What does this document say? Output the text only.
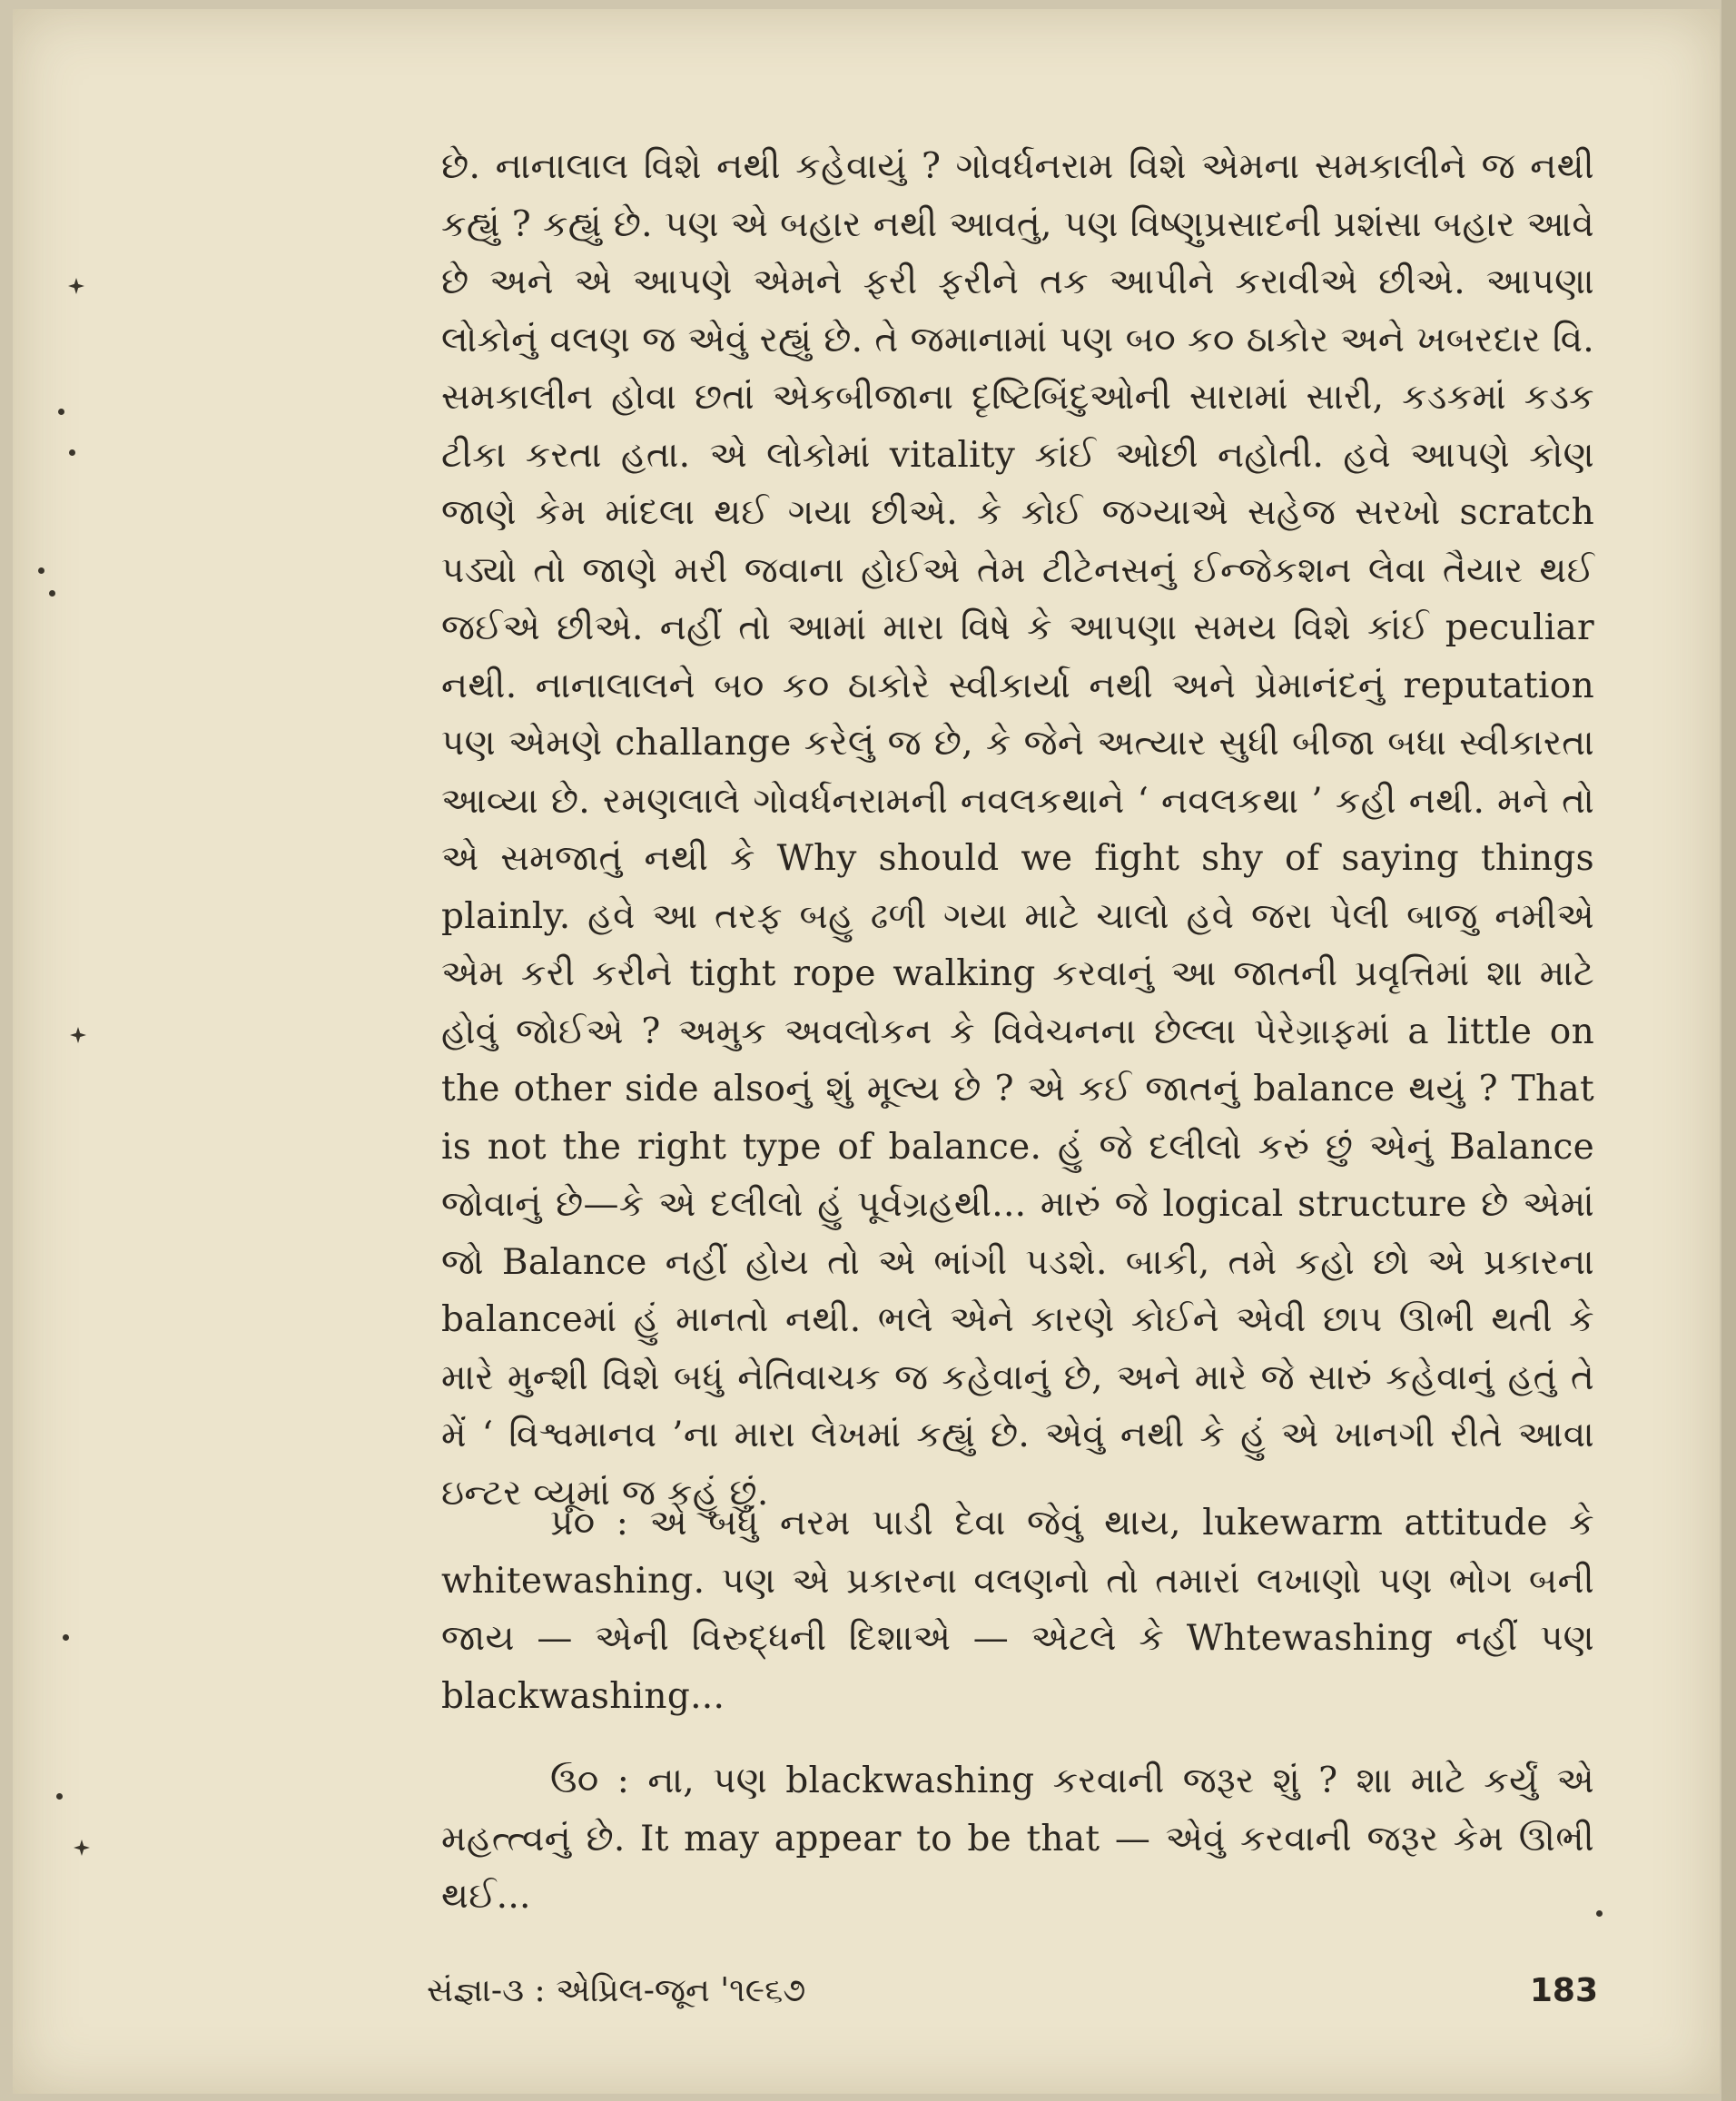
છે. નાનાલાલ વિશે નથી કહેવાયું ? ગોવર્ધનરામ વિશે એમના સમકાલીને જ નથી કહ્યું ? કહ્યું છે. પણ એ બહાર નથી આવતું, પણ વિષ્ણુપ્રસાદની પ્રશંસા બહાર આવે છે અને એ આપણે એમને ફરી ફરીને તક આપીને કરાવીએ છીએ. આપણા લોકોનું વલણ જ એવું રહ્યું છે. તે જમાનામાં પણ બ૦ ક૦ ઠાકોર અને ખબરદાર વિ. સમકાલીન હોવા છતાં એકબીજાના દૃષ્ટિબિંદુઓની સારામાં સારી, કડકમાં કડક ટીકા કરતા હતા. એ લોકોમાં vitality કાંઈ ઓછી નહોતી. હવે આપણે કોણ જાણે કેમ માંદલા થઈ ગયા છીએ. કે કોઈ જગ્યાએ સહેજ સરખો scratch પડ્યો તો જાણે મરી જવાના હોઈએ તેમ ટીટેનસનું ઈન્જેકશન લેવા તૈયાર થઈ જઈએ છીએ. નહીં તો આમાં મારા વિષે કે આપણા સમય વિશે કાંઈ peculiar નથી. નાનાલાલને બ૦ ક૦ ઠાકોરે સ્વીકાર્યા નથી અને પ્રેમાનંદનું reputation પણ એમણે challange કરેલું જ છે, કે જેને અત્યાર સુધી બીજા બધા સ્વીકારતા આવ્યા છે. રમણલાલે ગોવર્ધનરામની નવલકથાને ‘ નવલકથા ’ કહી નથી. મને તો એ સમજાતું નથી કે Why should we fight shy of saying things plainly. હવે આ તરફ બહુ ઢળી ગયા માટે ચાલો હવે જરા પેલી બાજુ નમીએ એમ કરી કરીને tight rope walking કરવાનું આ જાતની પ્રવૃત્તિમાં શા માટે હોવું જોઈએ ? અમુક અવલોકન કે વિવેચનના છેલ્લા પેરેગ્રાફમાં a little on the other side alsoનું શું મૂલ્ય છે ? એ કઈ જાતનું balance થયું ? That is not the right type of balance. હું જે દલીલો કરું છું એનું Balance જોવાનું છે—કે એ દલીલો હું પૂર્વગ્રહથી... મારું જે logical structure છે એમાં જો Balance નહીં હોય તો એ ભાંગી પડશે. બાકી, તમે કહો છો એ પ્રકારના balanceમાં હું માનતો નથી. ભલે એને કારણે કોઈને એવી છાપ ઊભી થતી કે મારે મુન્શી વિશે બધું નેતિવાચક જ કહેવાનું છે, અને મારે જે સારું કહેવાનું હતું તે મેં ‘ વિશ્વમાનવ ’ના મારા લેખમાં કહ્યું છે. એવું નથી કે હું એ ખાનગી રીતે આવા ઇન્ટર વ્યૂમાં જ કહું છું.

પ્ર૦ : એ બધું નરમ પાડી દેવા જેવું થાય, lukewarm attitude કે whitewashing. પણ એ પ્રકારના વલણનો તો તમારાં લખાણો પણ ભોગ બની જાય — એની વિરુદ્ધની દિશાએ — એટલે કે Whtewashing નહીં પણ blackwashing...

ઉ૦ : ના, પણ blackwashing કરવાની જરૂર શું ? શા માટે કર્યું એ મહત્ત્વનું છે. It may appear to be that — એવું કરવાની જરૂર કેમ ઊભી થઈ...

સંજ્ઞા-૩ : એપ્રિલ-જૂન '૧૯૬૭	183
